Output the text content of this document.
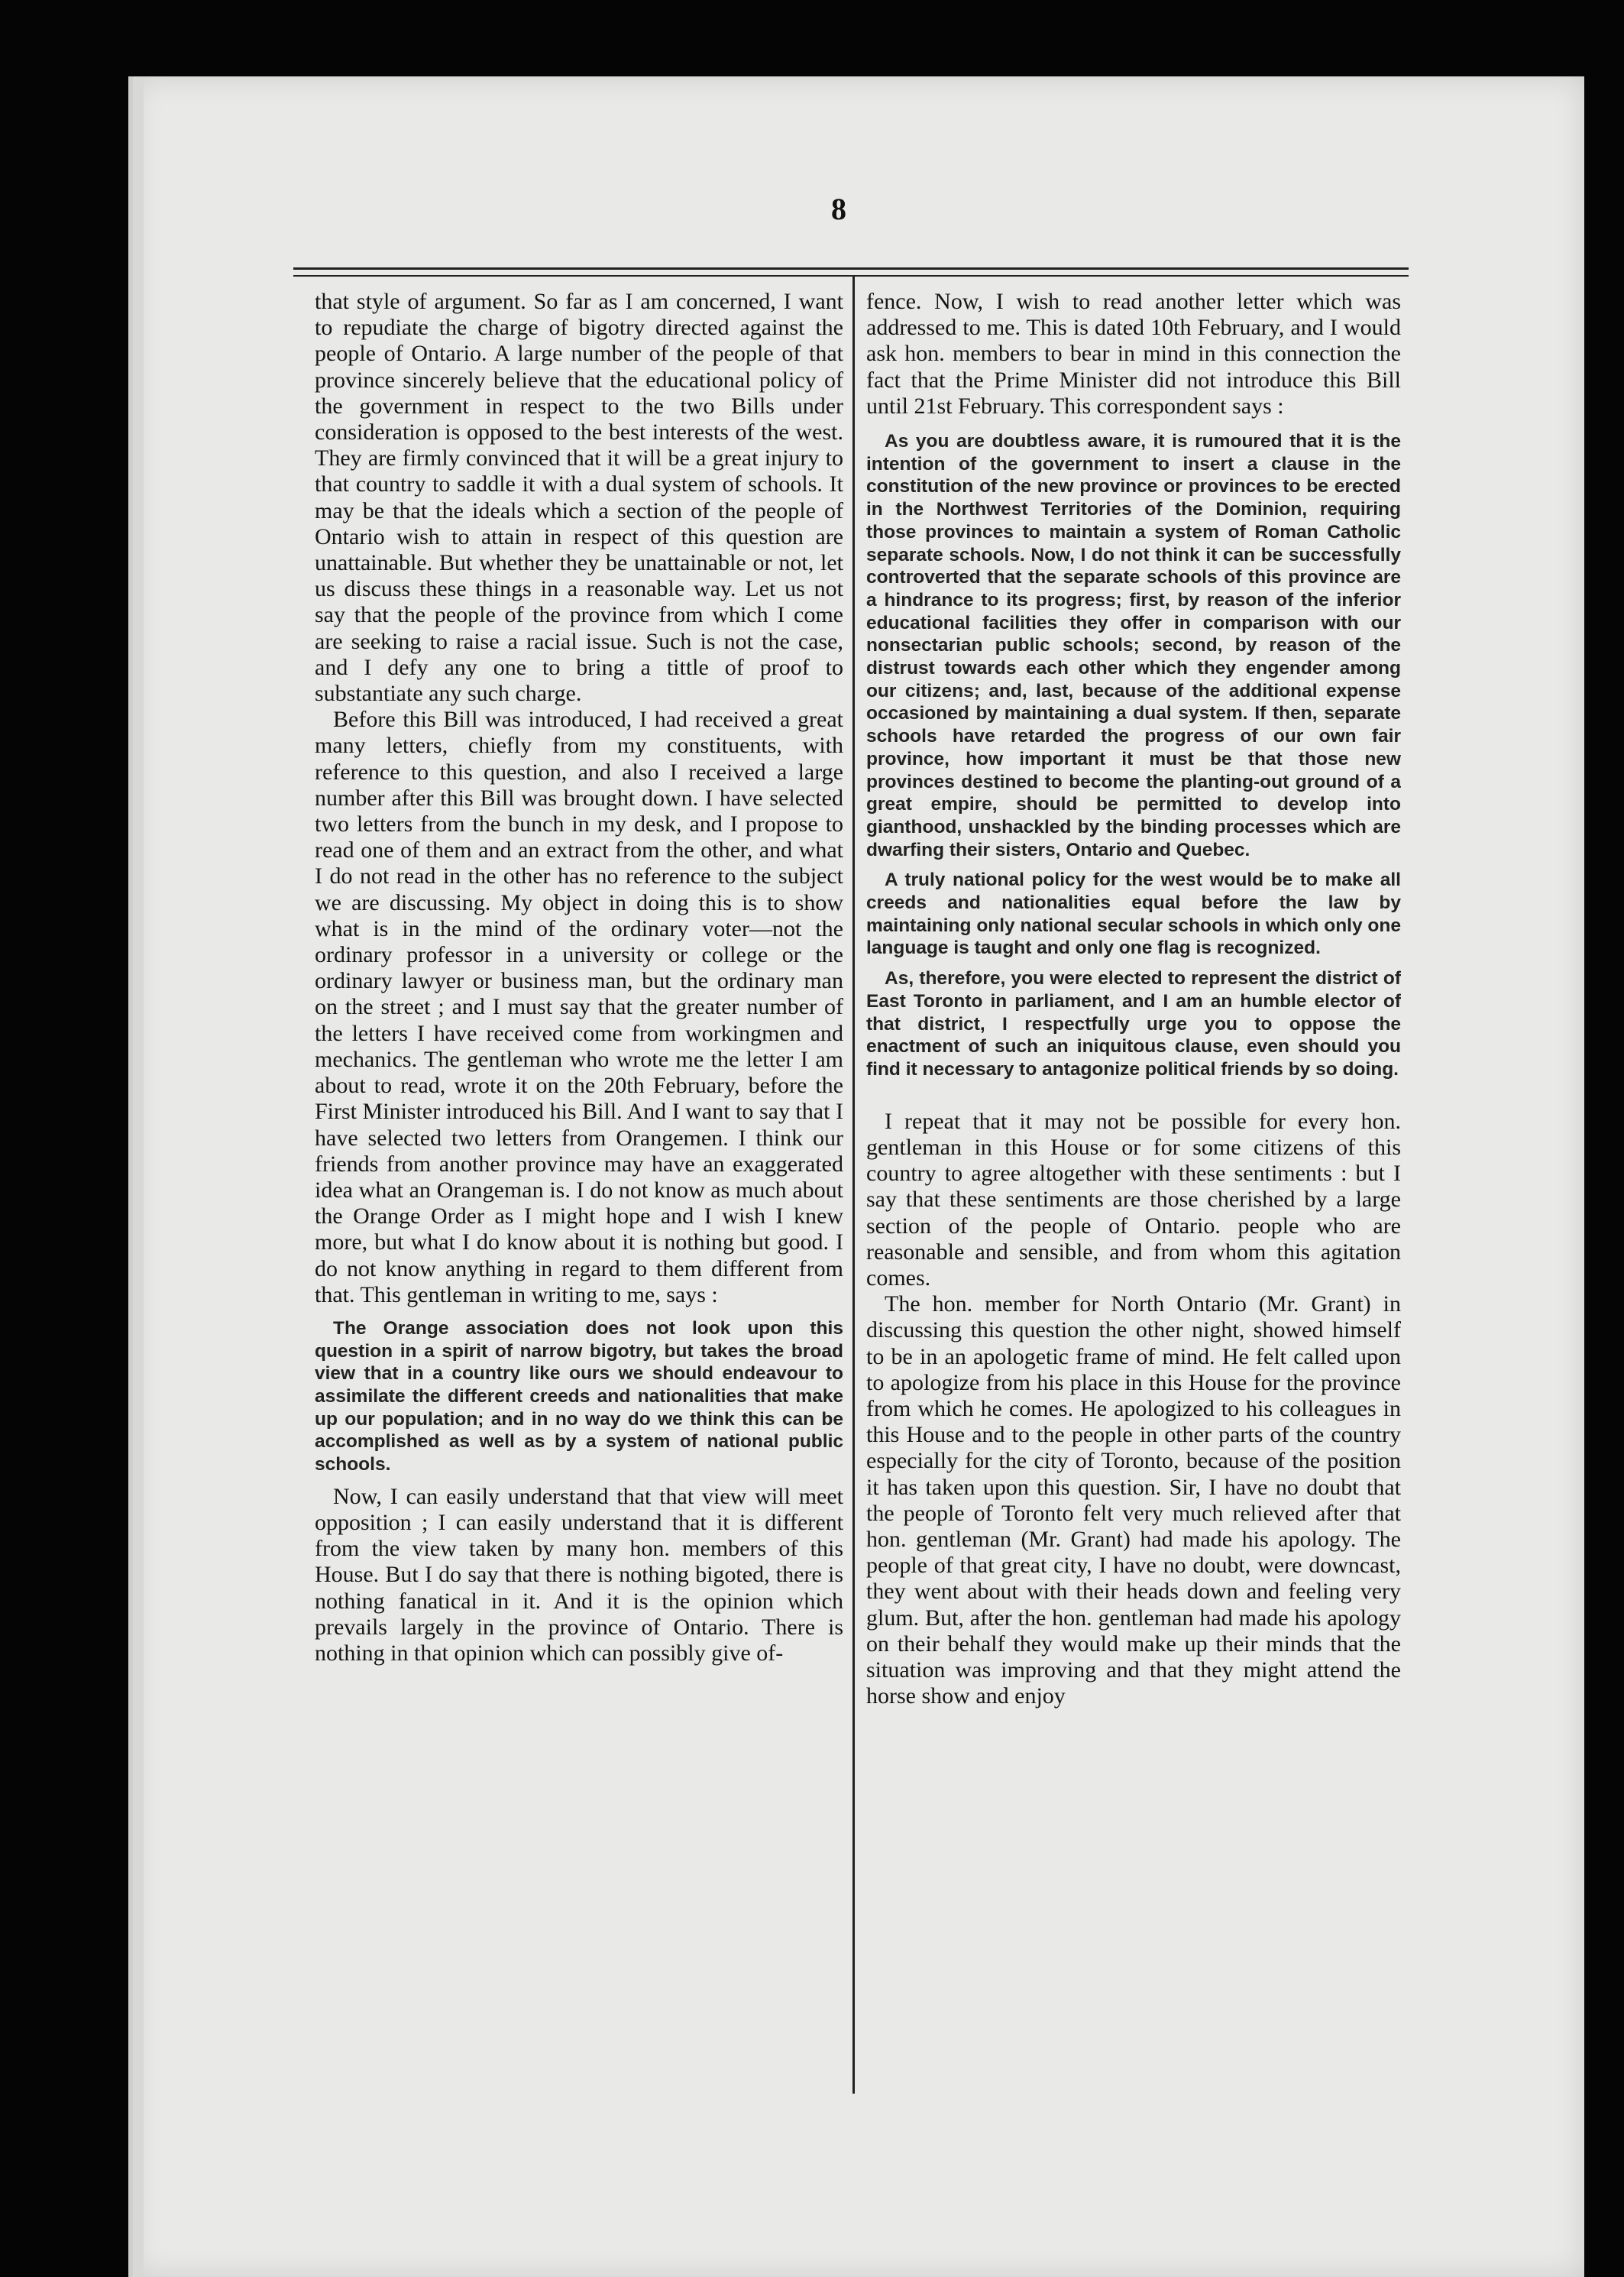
8

that style of argument. So far as I am concerned, I want to repudiate the charge of bigotry directed against the people of Ontario. A large number of the people of that province sincerely believe that the educational policy of the government in respect to the two Bills under consideration is opposed to the best interests of the west. They are firmly convinced that it will be a great injury to that country to saddle it with a dual system of schools. It may be that the ideals which a section of the people of Ontario wish to attain in respect of this question are unattainable. But whether they be unattainable or not, let us discuss these things in a reasonable way. Let us not say that the people of the province from which I come are seeking to raise a racial issue. Such is not the case, and I defy any one to bring a tittle of proof to substantiate any such charge.

Before this Bill was introduced, I had received a great many letters, chiefly from my constituents, with reference to this question, and also I received a large number after this Bill was brought down. I have selected two letters from the bunch in my desk, and I propose to read one of them and an extract from the other, and what I do not read in the other has no reference to the subject we are discussing. My object in doing this is to show what is in the mind of the ordinary voter—not the ordinary professor in a university or college or the ordinary lawyer or business man, but the ordinary man on the street ; and I must say that the greater number of the letters I have received come from workingmen and mechanics. The gentleman who wrote me the letter I am about to read, wrote it on the 20th February, before the First Minister introduced his Bill. And I want to say that I have selected two letters from Orangemen. I think our friends from another province may have an exaggerated idea what an Orangeman is. I do not know as much about the Orange Order as I might hope and I wish I knew more, but what I do know about it is nothing but good. I do not know anything in regard to them different from that. This gentleman in writing to me, says :

The Orange association does not look upon this question in a spirit of narrow bigotry, but takes the broad view that in a country like ours we should endeavour to assimilate the different creeds and nationalities that make up our population; and in no way do we think this can be accomplished as well as by a system of national public schools.

Now, I can easily understand that that view will meet opposition ; I can easily understand that it is different from the view taken by many hon. members of this House. But I do say that there is nothing bigoted, there is nothing fanatical in it. And it is the opinion which prevails largely in the province of Ontario. There is nothing in that opinion which can possibly give of-

fence. Now, I wish to read another letter which was addressed to me. This is dated 10th February, and I would ask hon. members to bear in mind in this connection the fact that the Prime Minister did not introduce this Bill until 21st February. This correspondent says :

As you are doubtless aware, it is rumoured that it is the intention of the government to insert a clause in the constitution of the new province or provinces to be erected in the Northwest Territories of the Dominion, requiring those provinces to maintain a system of Roman Catholic separate schools. Now, I do not think it can be successfully controverted that the separate schools of this province are a hindrance to its progress; first, by reason of the inferior educational facilities they offer in comparison with our nonsectarian public schools; second, by reason of the distrust towards each other which they engender among our citizens; and, last, because of the additional expense occasioned by maintaining a dual system. If then, separate schools have retarded the progress of our own fair province, how important it must be that those new provinces destined to become the planting-out ground of a great empire, should be permitted to develop into gianthood, unshackled by the binding processes which are dwarfing their sisters, Ontario and Quebec.

A truly national policy for the west would be to make all creeds and nationalities equal before the law by maintaining only national secular schools in which only one language is taught and only one flag is recognized.

As, therefore, you were elected to represent the district of East Toronto in parliament, and I am an humble elector of that district, I respectfully urge you to oppose the enactment of such an iniquitous clause, even should you find it necessary to antagonize political friends by so doing.

I repeat that it may not be possible for every hon. gentleman in this House or for some citizens of this country to agree altogether with these sentiments : but I say that these sentiments are those cherished by a large section of the people of Ontario. people who are reasonable and sensible, and from whom this agitation comes.

The hon. member for North Ontario (Mr. Grant) in discussing this question the other night, showed himself to be in an apologetic frame of mind. He felt called upon to apologize from his place in this House for the province from which he comes. He apologized to his colleagues in this House and to the people in other parts of the country especially for the city of Toronto, because of the position it has taken upon this question. Sir, I have no doubt that the people of Toronto felt very much relieved after that hon. gentleman (Mr. Grant) had made his apology. The people of that great city, I have no doubt, were downcast, they went about with their heads down and feeling very glum. But, after the hon. gentleman had made his apology on their behalf they would make up their minds that the situation was improving and that they might attend the horse show and enjoy
